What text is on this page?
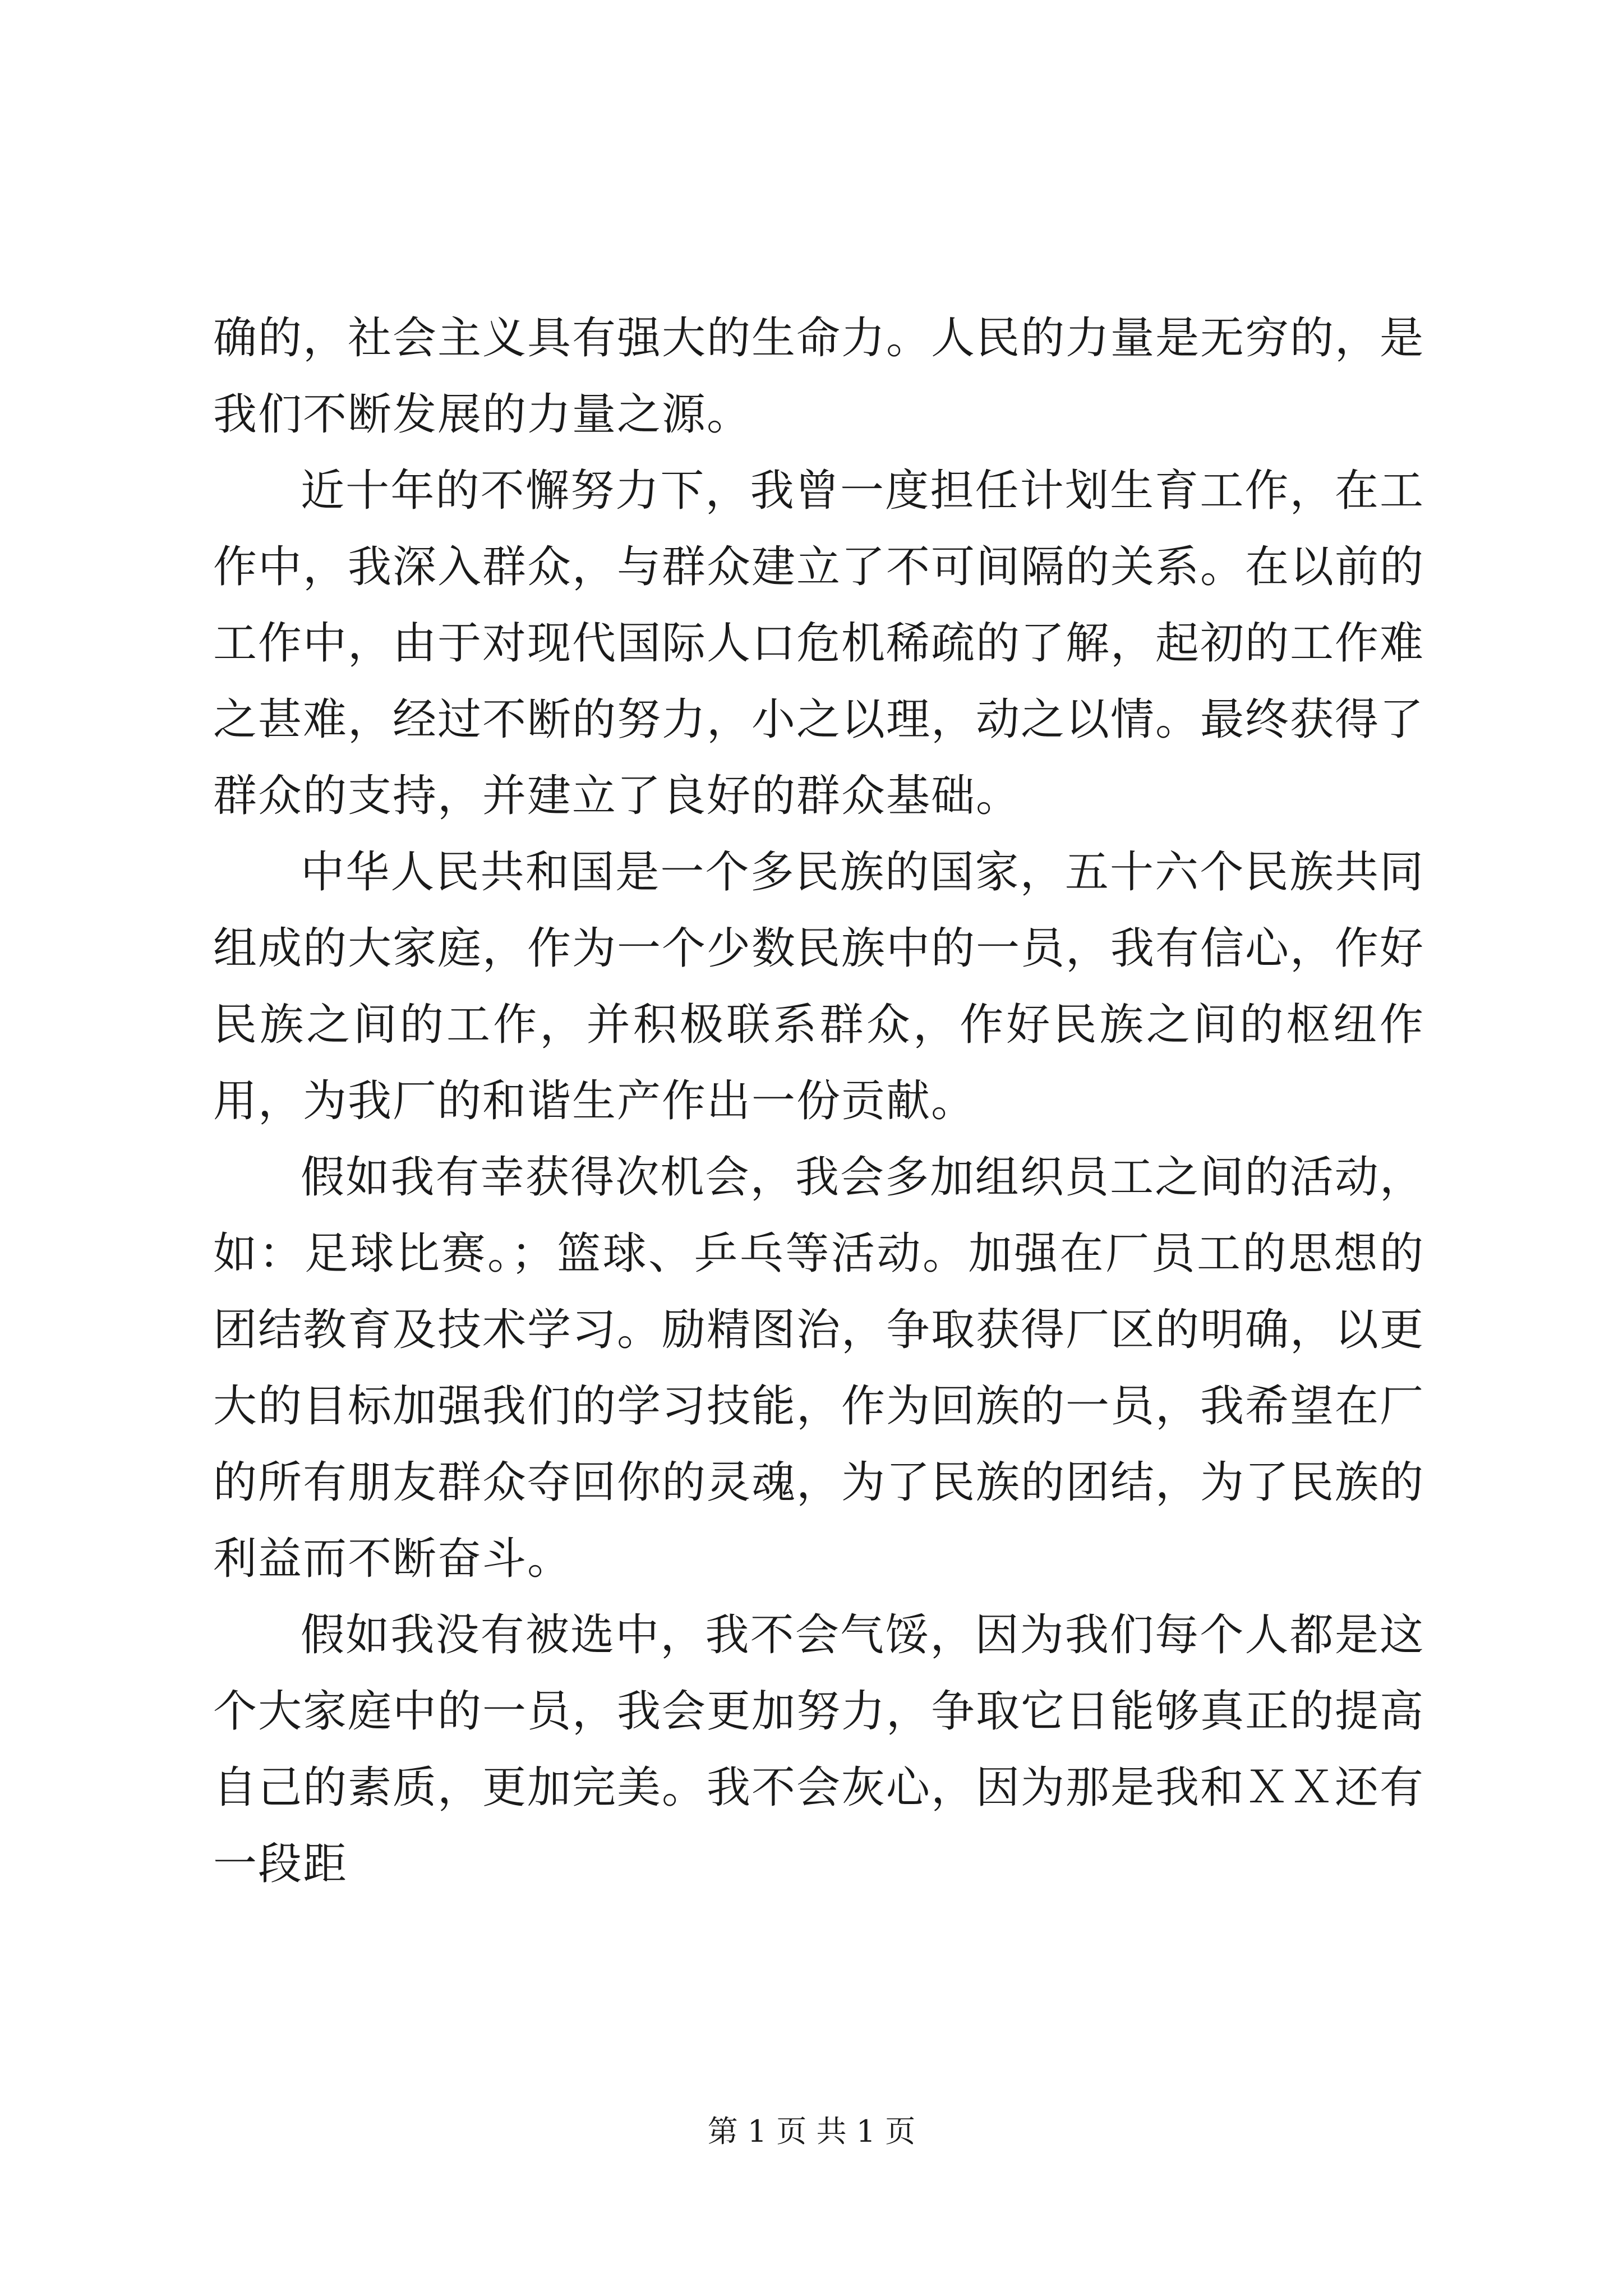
确的，社会主义具有强大的生命力。人民的力量是无穷的，是我们不断发展的力量之源。

近十年的不懈努力下，我曾一度担任计划生育工作，在工作中，我深入群众，与群众建立了不可间隔的关系。在以前的工作中，由于对现代国际人口危机稀疏的了解，起初的工作难之甚难，经过不断的努力，小之以理，动之以情。最终获得了群众的支持，并建立了良好的群众基础。

中华人民共和国是一个多民族的国家，五十六个民族共同组成的大家庭，作为一个少数民族中的一员，我有信心，作好民族之间的工作，并积极联系群众，作好民族之间的枢纽作用，为我厂的和谐生产作出一份贡献。

假如我有幸获得次机会，我会多加组织员工之间的活动，如：足球比赛。；篮球、乒乓等活动。加强在厂员工的思想的团结教育及技术学习。励精图治，争取获得厂区的明确，以更大的目标加强我们的学习技能，作为回族的一员，我希望在厂的所有朋友群众夺回你的灵魂，为了民族的团结，为了民族的利益而不断奋斗。

假如我没有被选中，我不会气馁，因为我们每个人都是这个大家庭中的一员，我会更加努力，争取它日能够真正的提高自己的素质，更加完美。我不会灰心，因为那是我和ＸＸ还有一段距

第 1 页 共 1 页
